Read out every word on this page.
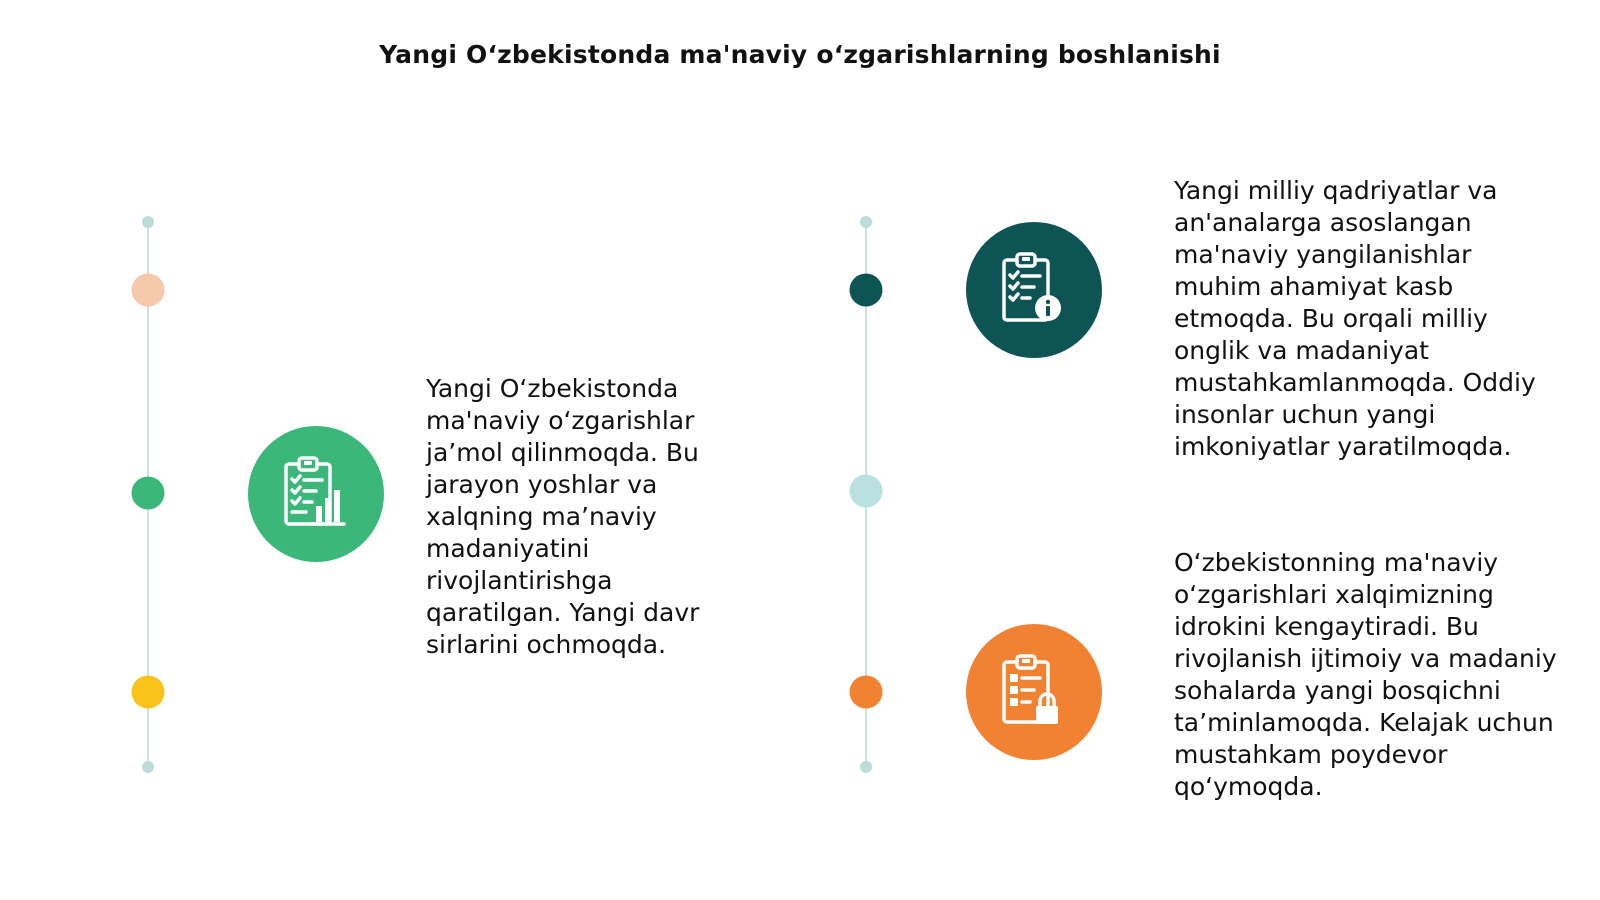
Yangi O‘zbekistonda ma'naviy o‘zgarishlarning boshlanishi
Yangi O‘zbekistonda ma'naviy o‘zgarishlar ja’mol qilinmoqda. Bu jarayon yoshlar va xalqning ma’naviy madaniyatini rivojlantirishga qaratilgan. Yangi davr sirlarini ochmoqda.
Yangi milliy qadriyatlar va an'analarga asoslangan ma'naviy yangilanishlar muhim ahamiyat kasb etmoqda. Bu orqali milliy onglik va madaniyat mustahkamlanmoqda. Oddiy insonlar uchun yangi imkoniyatlar yaratilmoqda.
O‘zbekistonning ma'naviy o‘zgarishlari xalqimizning idrokini kengaytiradi. Bu rivojlanish ijtimoiy va madaniy sohalarda yangi bosqichni ta’minlamoqda. Kelajak uchun mustahkam poydevor qo‘ymoqda.
